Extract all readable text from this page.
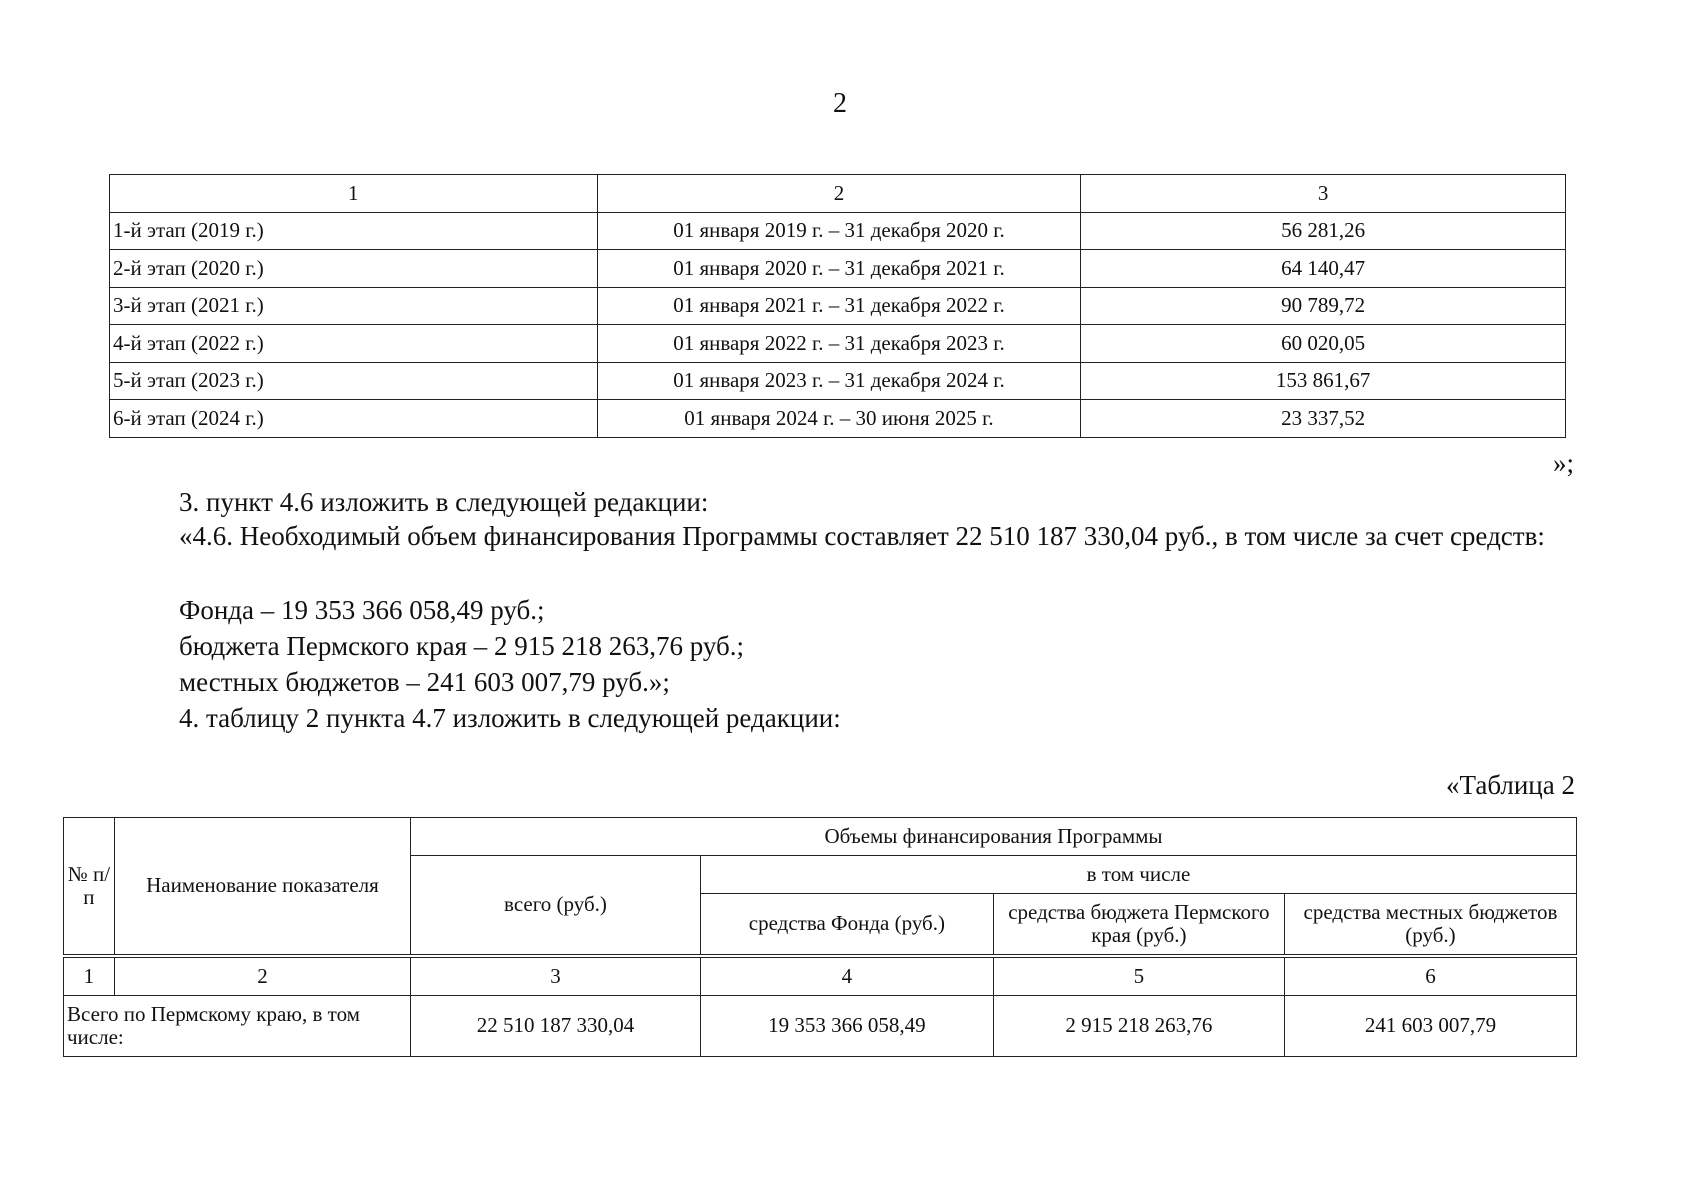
2
1	2	3
1-й этап (2019 г.)	01 января 2019 г. – 31 декабря 2020 г.	56 281,26
2-й этап (2020 г.)	01 января 2020 г. – 31 декабря 2021 г.	64 140,47
3-й этап (2021 г.)	01 января 2021 г. – 31 декабря 2022 г.	90 789,72
4-й этап (2022 г.)	01 января 2022 г. – 31 декабря 2023 г.	60 020,05
5-й этап (2023 г.)	01 января 2023 г. – 31 декабря 2024 г.	153 861,67
6-й этап (2024 г.)	01 января 2024 г. – 30 июня 2025 г.	23 337,52
»;
3. пункт 4.6 изложить в следующей редакции:
«4.6. Необходимый объем финансирования Программы составляет 22 510 187 330,04 руб., в том числе за счет средств:
Фонда – 19 353 366 058,49 руб.;
бюджета Пермского края – 2 915 218 263,76 руб.;
местных бюджетов – 241 603 007,79 руб.»;
4. таблицу 2 пункта 4.7 изложить в следующей редакции:
«Таблица 2
№ п/п	Наименование показателя	Объемы финансирования Программы			
		всего (руб.)	в том числе		
			средства Фонда (руб.)	средства бюджета Пермского края (руб.)	средства местных бюджетов (руб.)
1	2	3	4	5	6
Всего по Пермскому краю, в том числе:		22 510 187 330,04	19 353 366 058,49	2 915 218 263,76	241 603 007,79
